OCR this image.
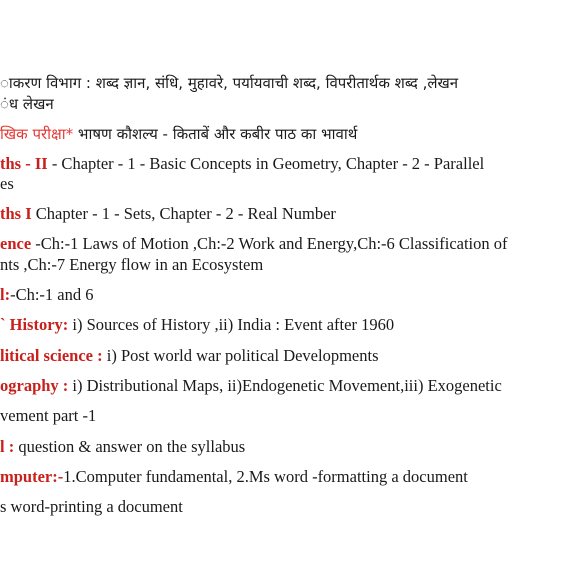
ाकरण विभाग : शब्द ज्ञान, संधि, मुहावरे, पर्यायवाची शब्द, विपरीतार्थक शब्द ,लेखन
ंध लेखन
खिक परीक्षा* भाषण कौशल्य - किताबें और कबीर पाठ का भावार्थ
ths - II - Chapter - 1 - Basic Concepts in Geometry, Chapter - 2 - Parallel
es
ths I Chapter - 1 - Sets, Chapter - 2 - Real Number
ence -Ch:-1 Laws of Motion ,Ch:-2 Work and Energy,Ch:-6 Classification of
nts ,Ch:-7 Energy flow in an Ecosystem
l:-Ch:-1 and 6
` History: i) Sources of History ,ii) India : Event after 1960
litical science : i) Post world war political Developments
ography : i) Distributional Maps, ii)Endogenetic Movement,iii) Exogenetic
vement part -1
l : question & answer on the syllabus
mputer:-1.Computer fundamental, 2.Ms word -formatting a document
s word-printing a document
